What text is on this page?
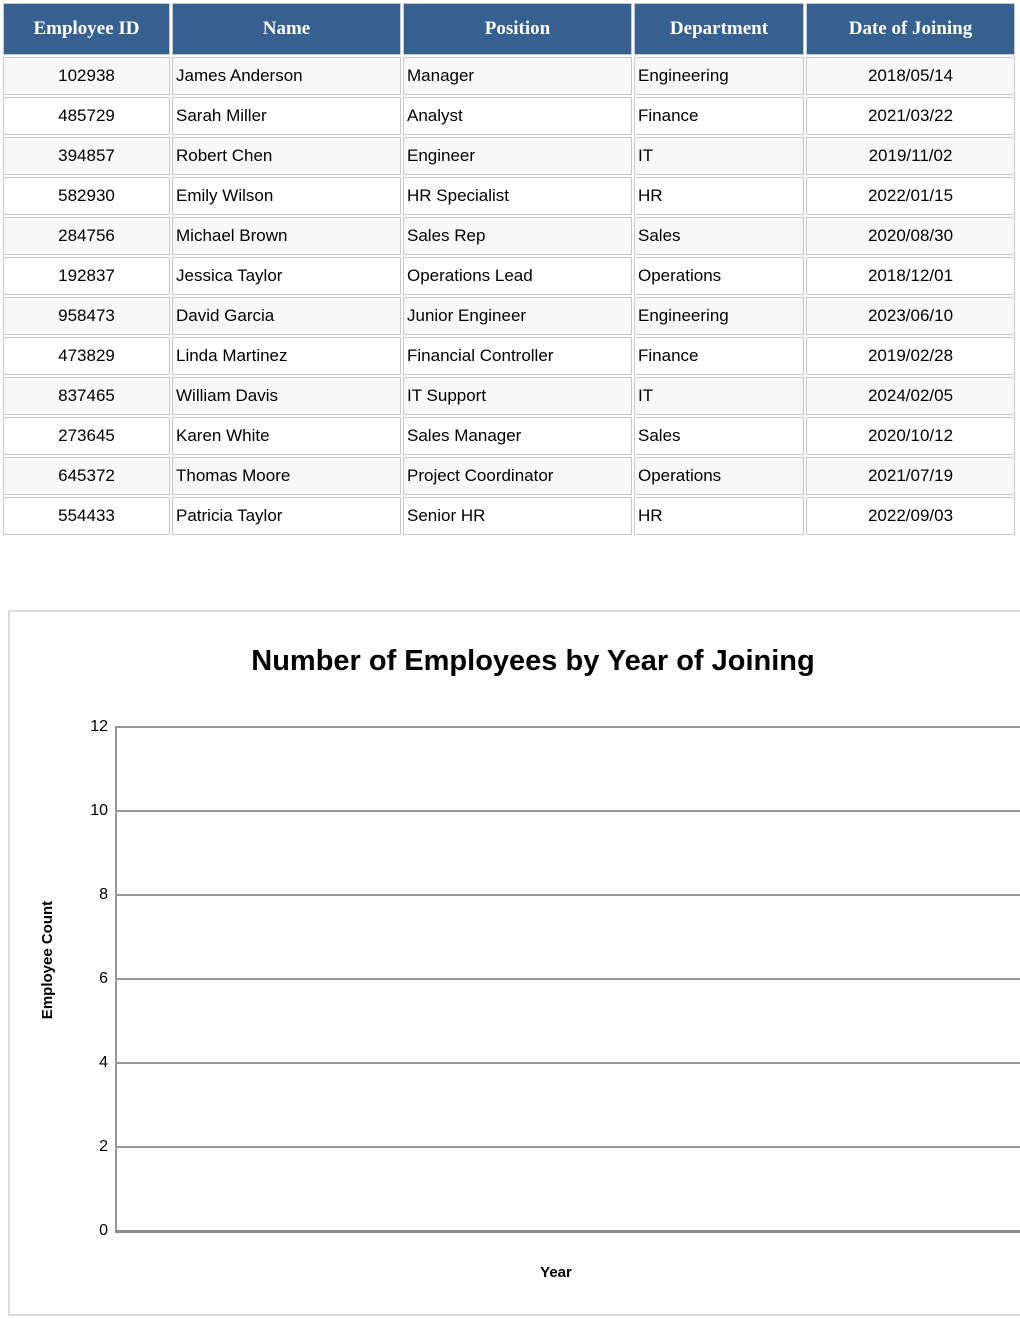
Employee ID	Name	Position	Department	Date of Joining
102938	James Anderson	Manager	Engineering	2018/05/14
485729	Sarah Miller	Analyst	Finance	2021/03/22
394857	Robert Chen	Engineer	IT	2019/11/02
582930	Emily Wilson	HR Specialist	HR	2022/01/15
284756	Michael Brown	Sales Rep	Sales	2020/08/30
192837	Jessica Taylor	Operations Lead	Operations	2018/12/01
958473	David Garcia	Junior Engineer	Engineering	2023/06/10
473829	Linda Martinez	Financial Controller	Finance	2019/02/28
837465	William Davis	IT Support	IT	2024/02/05
273645	Karen White	Sales Manager	Sales	2020/10/12
645372	Thomas Moore	Project Coordinator	Operations	2021/07/19
554433	Patricia Taylor	Senior HR	HR	2022/09/03
Number of Employees by Year of Joining
Employee Count
12
10
8
6
4
2
0
Year
